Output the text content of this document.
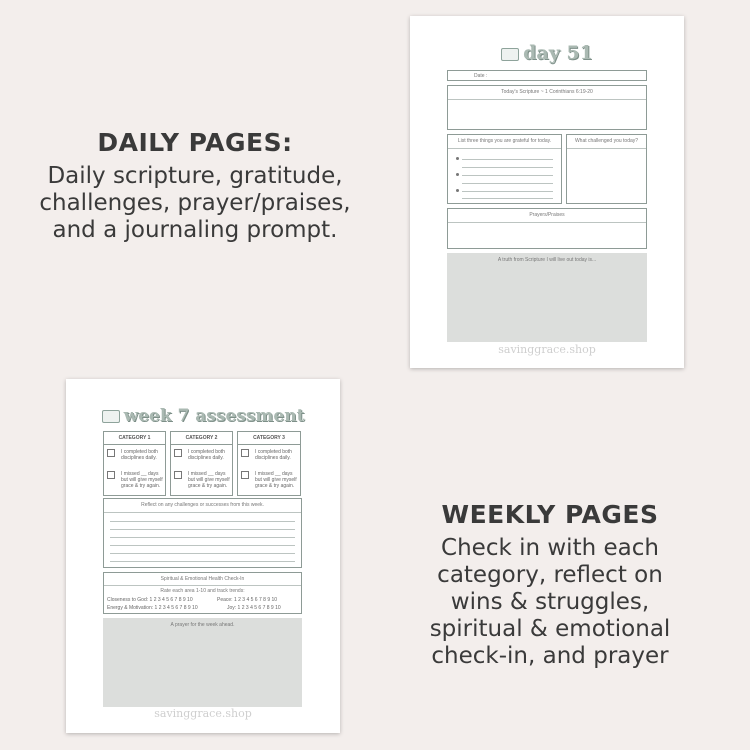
DAILY PAGES:

Daily scripture, gratitude,
challenges, prayer/praises,
and a journaling prompt.

day 51
Date :
Today's Scripture ~ 1 Corinthians 6:19-20
List three things you are grateful for today.	What challenged you today?
Prayers/Praises
A truth from Scripture I will live out today is...
savinggrace.shop
week 7 assessment
CATEGORY 1
I completed both disciplines daily.
I missed __ days but will give myself grace & try again.
CATEGORY 2
I completed both disciplines daily.
I missed __ days but will give myself grace & try again.
CATEGORY 3
I completed both disciplines daily.
I missed __ days but will give myself grace & try again.
Reflect on any challenges or successes from this week.
Spiritual & Emotional Health Check-In
Rate each area 1-10 and track trends:
Closeness to God: 1 2 3 4 5 6 7 8 9 10	Peace: 1 2 3 4 5 6 7 8 9 10
Energy & Motivation: 1 2 3 4 5 6 7 8 9 10	Joy: 1 2 3 4 5 6 7 8 9 10
A prayer for the week ahead.
savinggrace.shop
WEEKLY PAGES

Check in with each
category, reflect on
wins & struggles,
spiritual & emotional
check-in, and prayer
